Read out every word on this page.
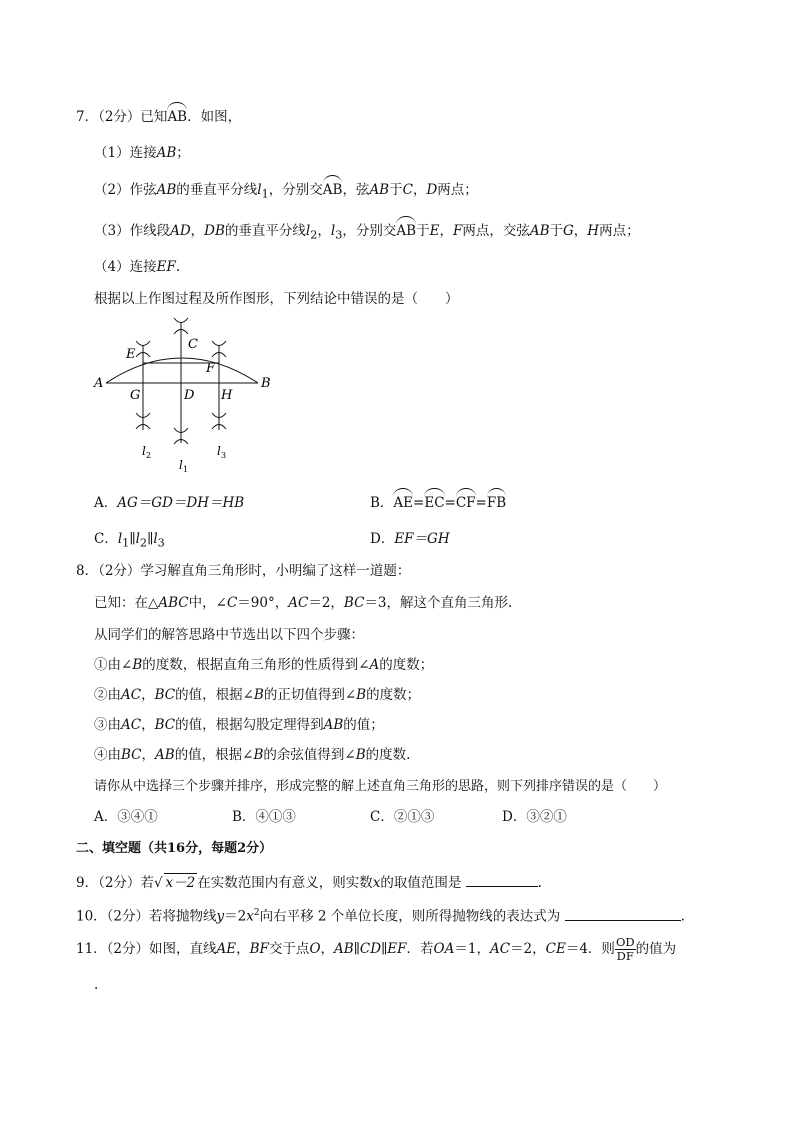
7．（2分）已知AB．如图，
（1）连接AB；
（2）作弦AB的垂直平分线$l_1$，分别交AB，弦AB于C，D两点；
（3）作线段AD，DB的垂直平分线$l_2$，$l_3$，分别交AB于E，F两点，交弦AB于G，H两点；
（4）连接EF.
根据以上作图过程及所作图形，下列结论中错误的是（　　）
A	B
C
D
E
F
G	H
l 2	l 3
l 1
A．AG＝GD＝DH＝HB	B．AE=EC=CF=FB
C．$l_1\parallel l_2\parallel l_3$	D．EF＝GH
8．（2分）学习解直角三角形时，小明编了这样一道题：
已知：在△ABC中，∠C＝90°，AC＝2，BC＝3，解这个直角三角形.
从同学们的解答思路中节选出以下四个步骤：
①由∠B的度数，根据直角三角形的性质得到∠A的度数；
②由AC，BC的值，根据∠B的正切值得到∠B的度数；
③由AC，BC的值，根据勾股定理得到AB的值；
④由BC，AB的值，根据∠B的余弦值得到∠B的度数.
请你从中选择三个步骤并排序，形成完整的解上述直角三角形的思路，则下列排序错误的是（　　）
A．③④①	B．④①③	C．②①③	D．③②①
二、填空题（共16分，每题2分）
9．（2分）若√ x－2 在实数范围内有意义，则实数x的取值范围是	.
10．（2分）若将抛物线$y=2x^2$向右平移 2 个单位长度，则所得抛物线的表达式为	.
11．（2分）如图，直线AE，BF交于点O，AB∥CD∥EF．若OA＝1，AC＝2，CE＝4．则 $\frac{OD}{DF}$ 的值为
.
